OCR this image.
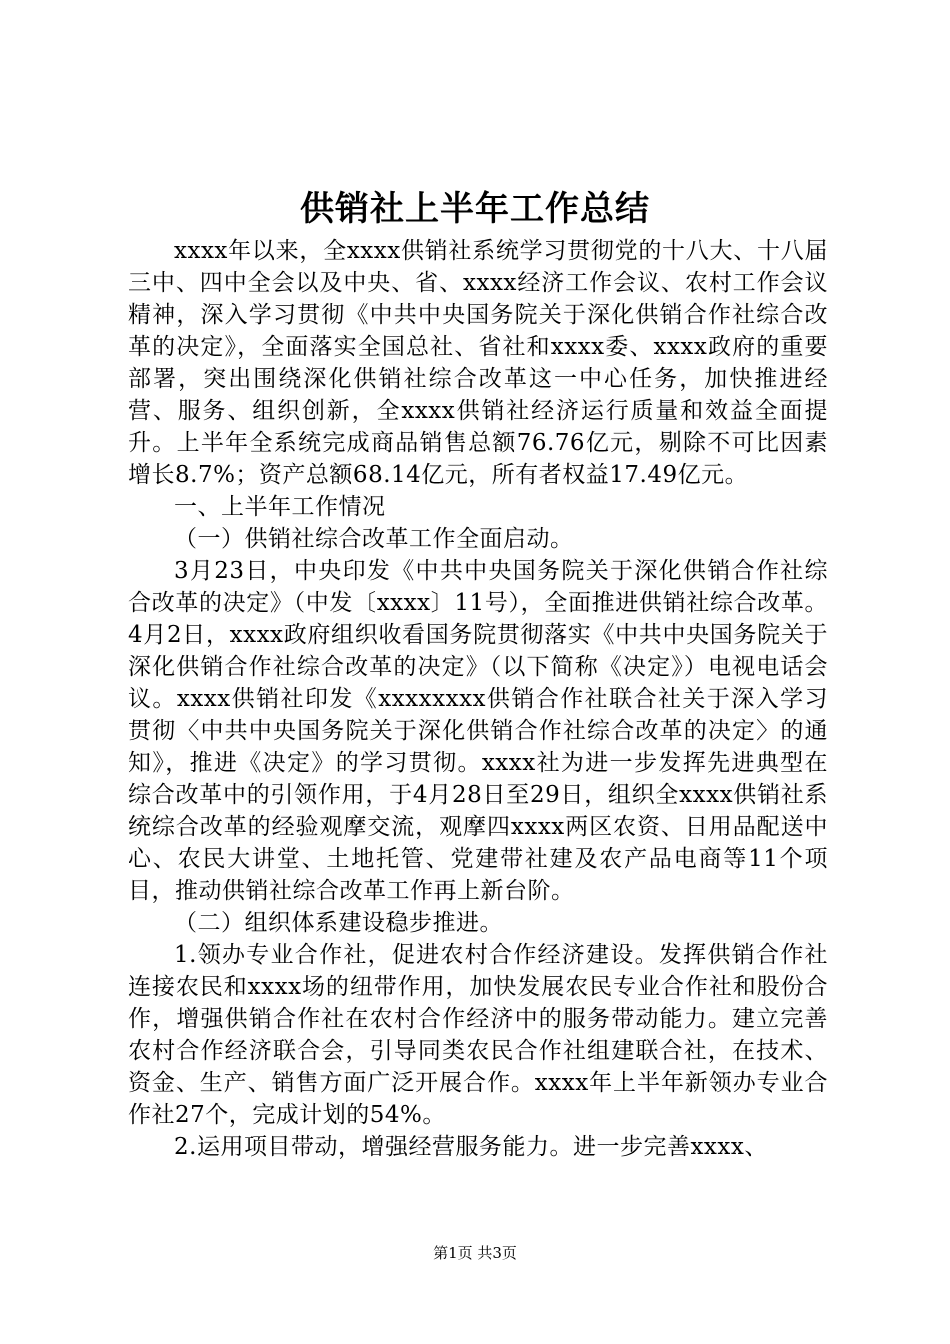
供销社上半年工作总结

xxxx年以来，全xxxx供销社系统学习贯彻党的十八大、十八届三中、四中全会以及中央、省、xxxx经济工作会议、农村工作会议精神，深入学习贯彻《中共中央国务院关于深化供销合作社综合改革的决定》，全面落实全国总社、省社和xxxx委、xxxx政府的重要部署，突出围绕深化供销社综合改革这一中心任务，加快推进经营、服务、组织创新，全xxxx供销社经济运行质量和效益全面提升。上半年全系统完成商品销售总额76.76亿元，剔除不可比因素增长8.7%；资产总额68.14亿元，所有者权益17.49亿元。

一、上半年工作情况

（一）供销社综合改革工作全面启动。

3月23日，中央印发《中共中央国务院关于深化供销合作社综合改革的决定》（中发〔xxxx〕11号），全面推进供销社综合改革。4月2日，xxxx政府组织收看国务院贯彻落实《中共中央国务院关于深化供销合作社综合改革的决定》（以下简称《决定》）电视电话会议。xxxx供销社印发《xxxxxxxx供销合作社联合社关于深入学习贯彻〈中共中央国务院关于深化供销合作社综合改革的决定〉的通知》，推进《决定》的学习贯彻。xxxx社为进一步发挥先进典型在综合改革中的引领作用，于4月28日至29日，组织全xxxx供销社系统综合改革的经验观摩交流，观摩四xxxx两区农资、日用品配送中心、农民大讲堂、土地托管、党建带社建及农产品电商等11个项目，推动供销社综合改革工作再上新台阶。

（二）组织体系建设稳步推进。

1.领办专业合作社，促进农村合作经济建设。发挥供销合作社连接农民和xxxx场的纽带作用，加快发展农民专业合作社和股份合作，增强供销合作社在农村合作经济中的服务带动能力。建立完善农村合作经济联合会，引导同类农民合作社组建联合社，在技术、资金、生产、销售方面广泛开展合作。xxxx年上半年新领办专业合作社27个，完成计划的54%。

2.运用项目带动，增强经营服务能力。进一步完善xxxx、

第1页 共3页
